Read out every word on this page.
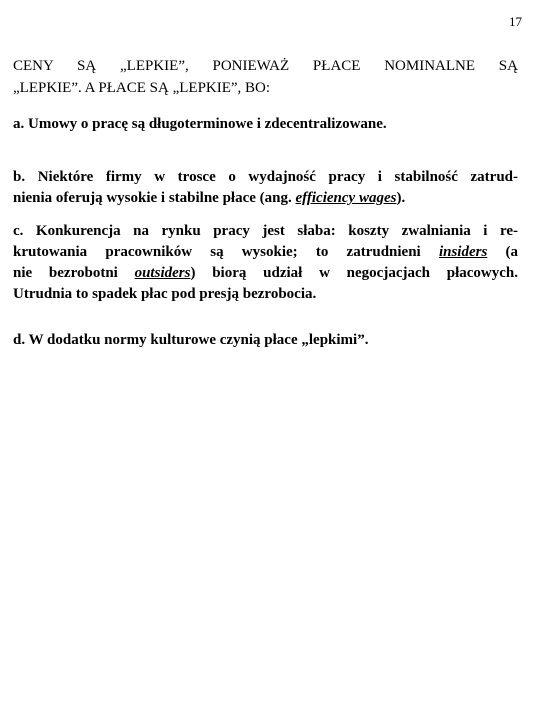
17
CENY SĄ „LEPKIE”, PONIEWAŻ PŁACE NOMINALNE SĄ
„LEPKIE”. A PŁACE SĄ „LEPKIE”, BO:

a. Umowy o pracę są długoterminowe i zdecentralizowane.

b. Niektóre firmy w trosce o wydajność pracy i stabilność zatrud-
nienia oferują wysokie i stabilne płace (ang. efficiency wages).

c. Konkurencja na rynku pracy jest słaba: koszty zwalniania i re-
krutowania pracowników są wysokie; to zatrudnieni insiders (a
nie bezrobotni outsiders) biorą udział w negocjacjach płacowych.
Utrudnia to spadek płac pod presją bezrobocia.

d. W dodatku normy kulturowe czynią płace „lepkimi”.
